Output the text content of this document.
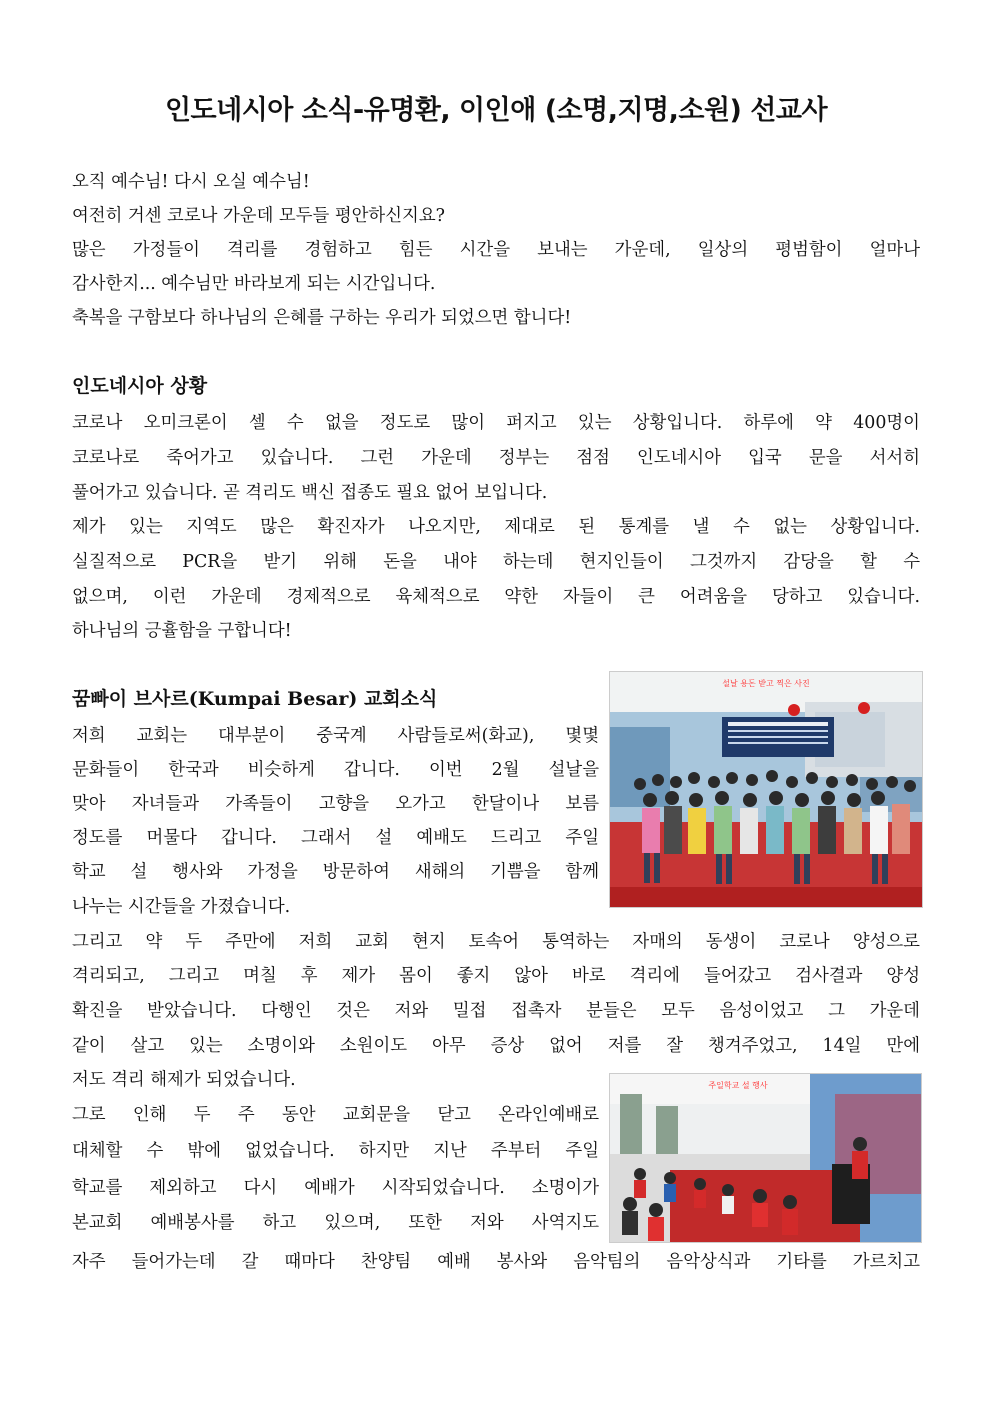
인도네시아 소식-유명환, 이인애 (소명,지명,소원) 선교사

오직 예수님! 다시 오실 예수님!

여전히 거센 코로나 가운데 모두들 평안하신지요?

많은 가정들이 격리를 경험하고 힘든 시간을 보내는 가운데, 일상의 평범함이 얼마나

감사한지... 예수님만 바라보게 되는 시간입니다.

축복을 구함보다 하나님의 은혜를 구하는 우리가 되었으면 합니다!

인도네시아 상황

코로나 오미크론이 셀 수 없을 정도로 많이 퍼지고 있는 상황입니다. 하루에 약 400명이

코로나로 죽어가고 있습니다. 그런 가운데 정부는 점점 인도네시아 입국 문을 서서히

풀어가고 있습니다. 곧 격리도 백신 접종도 필요 없어 보입니다.

제가 있는 지역도 많은 확진자가 나오지만, 제대로 된 통계를 낼 수 없는 상황입니다.

실질적으로 PCR을 받기 위해 돈을 내야 하는데 현지인들이 그것까지 감당을 할 수

없으며, 이런 가운데 경제적으로 육체적으로 약한 자들이 큰 어려움을 당하고 있습니다.

하나님의 긍휼함을 구합니다!

꿈빠이 브사르(Kumpai Besar) 교회소식

저희 교회는 대부분이 중국계 사람들로써(화교), 몇몇

문화들이 한국과 비슷하게 갑니다. 이번 2월 설날을

맞아 자녀들과 가족들이 고향을 오가고 한달이나 보름

정도를 머물다 갑니다. 그래서 설 예배도 드리고 주일

학교 설 행사와 가정을 방문하여 새해의 기쁨을 함께

나누는 시간들을 가졌습니다.

그리고 약 두 주만에 저희 교회 현지 토속어 통역하는 자매의 동생이 코로나 양성으로

격리되고, 그리고 며칠 후 제가 몸이 좋지 않아 바로 격리에 들어갔고 검사결과 양성

확진을 받았습니다. 다행인 것은 저와 밀접 접촉자 분들은 모두 음성이었고 그 가운데

같이 살고 있는 소명이와 소원이도 아무 증상 없어 저를 잘 챙겨주었고, 14일 만에

저도 격리 해제가 되었습니다.

그로 인해 두 주 동안 교회문을 닫고 온라인예배로

대체할 수 밖에 없었습니다. 하지만 지난 주부터 주일

학교를 제외하고 다시 예배가 시작되었습니다. 소명이가

본교회 예배봉사를 하고 있으며, 또한 저와 사역지도

자주 들어가는데 갈 때마다 찬양팀 예배 봉사와 음악팀의 음악상식과 기타를 가르치고

설날 용돈 받고 찍은 사진
주일학교 설 행사
